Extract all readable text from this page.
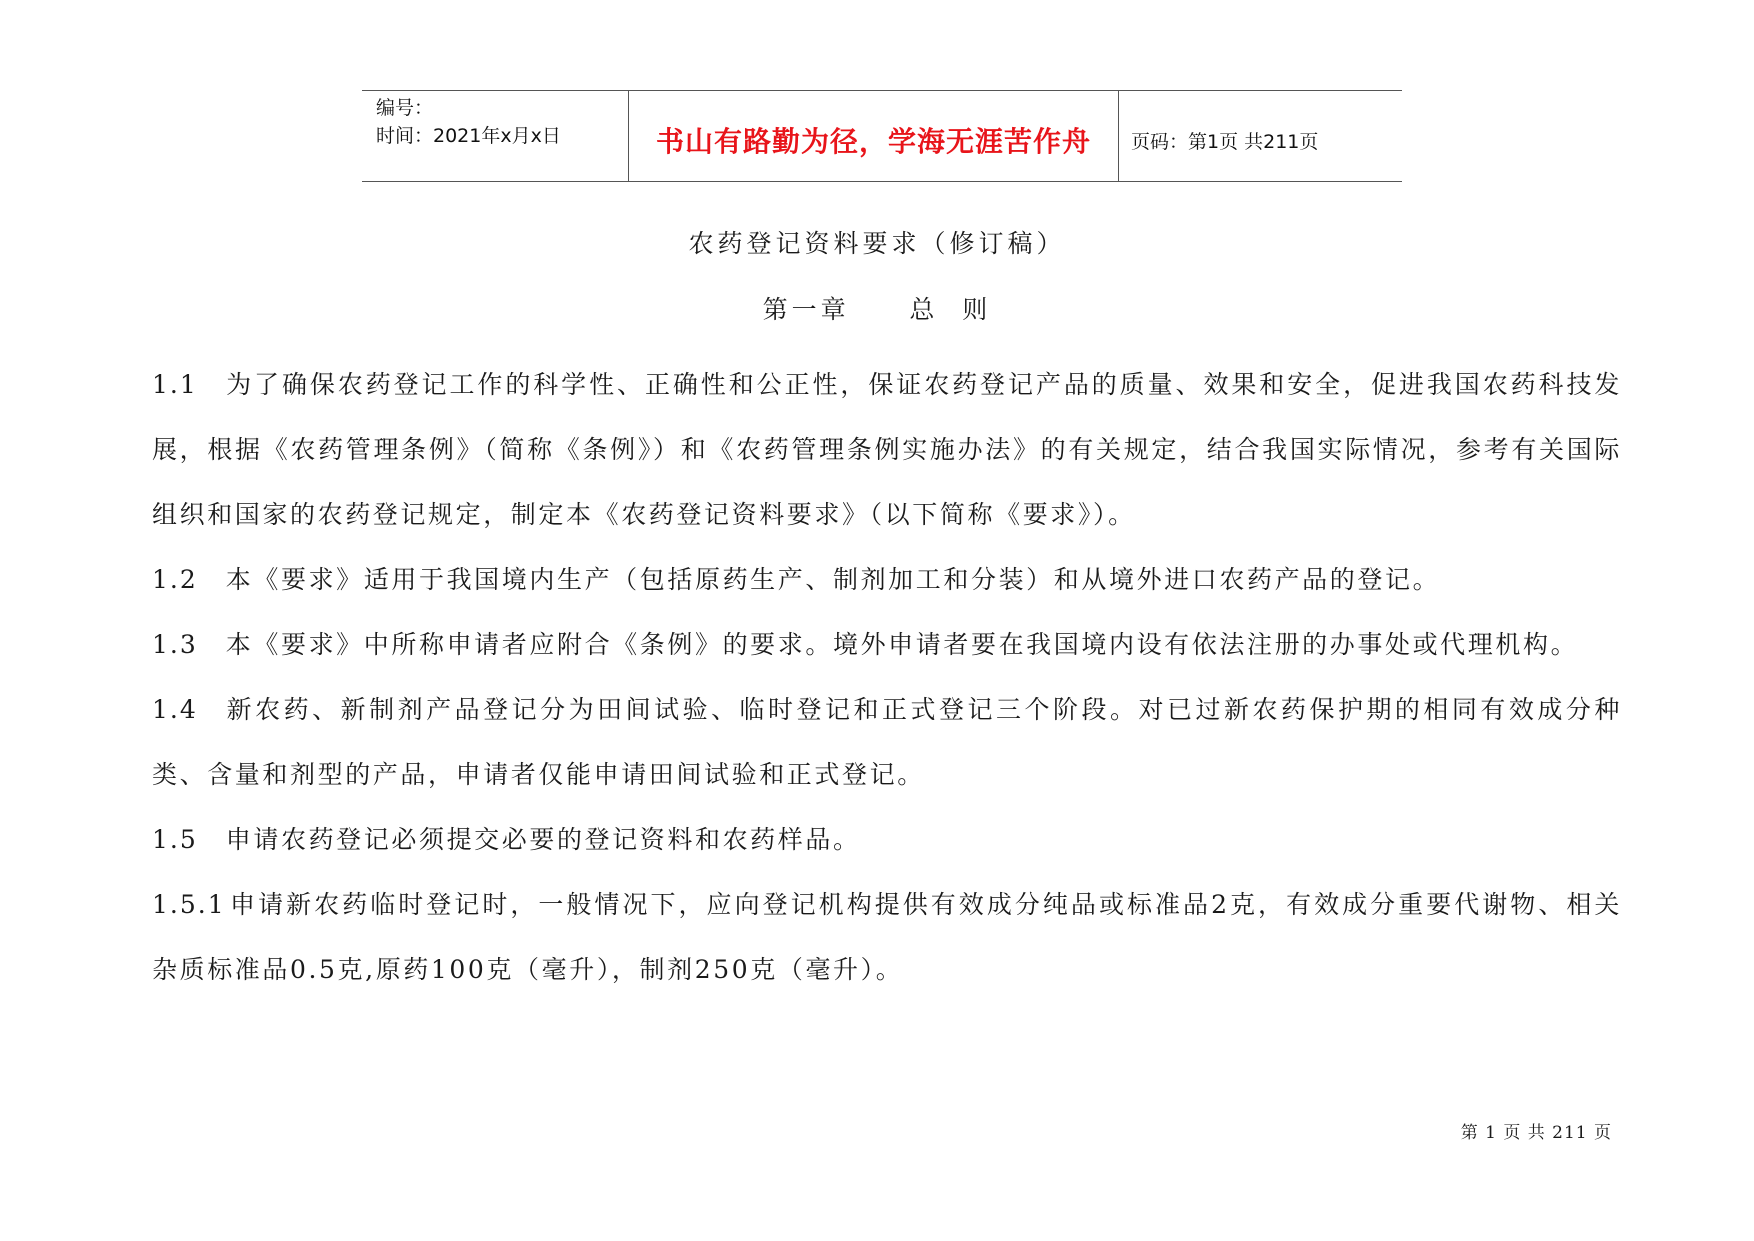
编号：
时间：2021年x月x日	书山有路勤为径，学海无涯苦作舟 页码：第1页 共211页
农药登记资料要求（修订稿）
第一章     总  则

1.1 为了确保农药登记工作的科学性、正确性和公正性，保证农药登记产品的质量、效果和安全，促进我国农药科技发展，根据《农药管理条例》（简称《条例》）和《农药管理条例实施办法》的有关规定，结合我国实际情况，参考有关国际组织和国家的农药登记规定，制定本《农药登记资料要求》（以下简称《要求》）。

1.2 本《要求》适用于我国境内生产（包括原药生产、制剂加工和分装）和从境外进口农药产品的登记。

1.3 本《要求》中所称申请者应附合《条例》的要求。境外申请者要在我国境内设有依法注册的办事处或代理机构。

1.4 新农药、新制剂产品登记分为田间试验、临时登记和正式登记三个阶段。对已过新农药保护期的相同有效成分种类、含量和剂型的产品，申请者仅能申请田间试验和正式登记。

1.5 申请农药登记必须提交必要的登记资料和农药样品。

1.5.1 申请新农药临时登记时，一般情况下，应向登记机构提供有效成分纯品或标准品2克，有效成分重要代谢物、相关杂质标准品0.5克,原药100克（毫升），制剂250克（毫升）。

第 1 页 共 211 页
